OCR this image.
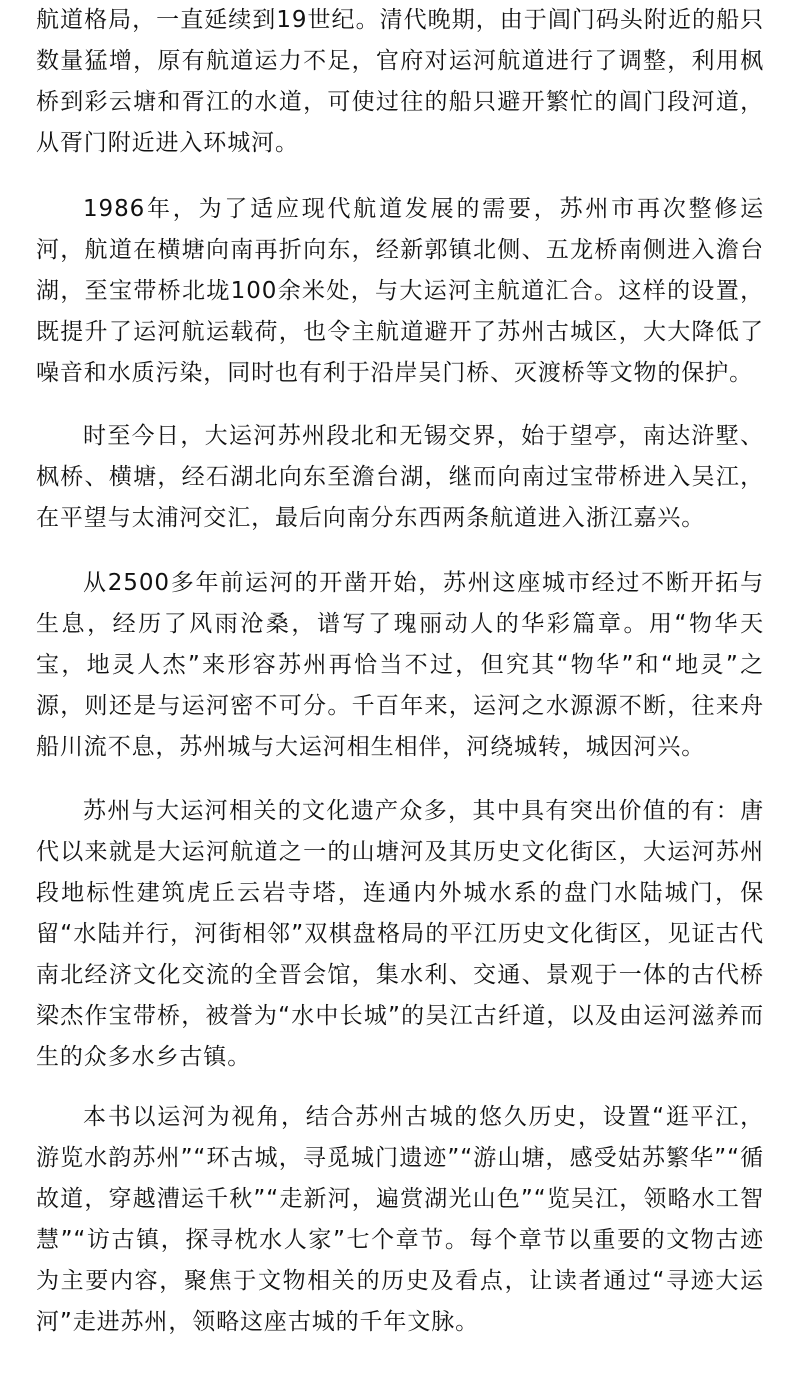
航道格局，一直延续到19世纪。清代晚期，由于阊门码头附近的船只数量猛增，原有航道运力不足，官府对运河航道进行了调整，利用枫桥到彩云塘和胥江的水道，可使过往的船只避开繁忙的阊门段河道，从胥门附近进入环城河。

1986年，为了适应现代航道发展的需要，苏州市再次整修运河，航道在横塘向南再折向东，经新郭镇北侧、五龙桥南侧进入澹台湖，至宝带桥北垅100余米处，与大运河主航道汇合。这样的设置，既提升了运河航运载荷，也令主航道避开了苏州古城区，大大降低了噪音和水质污染，同时也有利于沿岸吴门桥、灭渡桥等文物的保护。

时至今日，大运河苏州段北和无锡交界，始于望亭，南达浒墅、枫桥、横塘，经石湖北向东至澹台湖，继而向南过宝带桥进入吴江，在平望与太浦河交汇，最后向南分东西两条航道进入浙江嘉兴。

从2500多年前运河的开凿开始，苏州这座城市经过不断开拓与生息，经历了风雨沧桑，谱写了瑰丽动人的华彩篇章。用“物华天宝，地灵人杰”来形容苏州再恰当不过，但究其“物华”和“地灵”之源，则还是与运河密不可分。千百年来，运河之水源源不断，往来舟船川流不息，苏州城与大运河相生相伴，河绕城转，城因河兴。

苏州与大运河相关的文化遗产众多，其中具有突出价值的有：唐代以来就是大运河航道之一的山塘河及其历史文化街区，大运河苏州段地标性建筑虎丘云岩寺塔，连通内外城水系的盘门水陆城门，保留“水陆并行，河街相邻”双棋盘格局的平江历史文化街区，见证古代南北经济文化交流的全晋会馆，集水利、交通、景观于一体的古代桥梁杰作宝带桥，被誉为“水中长城”的吴江古纤道，以及由运河滋养而生的众多水乡古镇。

本书以运河为视角，结合苏州古城的悠久历史，设置“逛平江，游览水韵苏州”“环古城，寻觅城门遗迹”“游山塘，感受姑苏繁华”“循故道，穿越漕运千秋”“走新河，遍赏湖光山色”“览吴江，领略水工智慧”“访古镇，探寻枕水人家”七个章节。每个章节以重要的文物古迹为主要内容，聚焦于文物相关的历史及看点，让读者通过“寻迹大运河”走进苏州，领略这座古城的千年文脉。
